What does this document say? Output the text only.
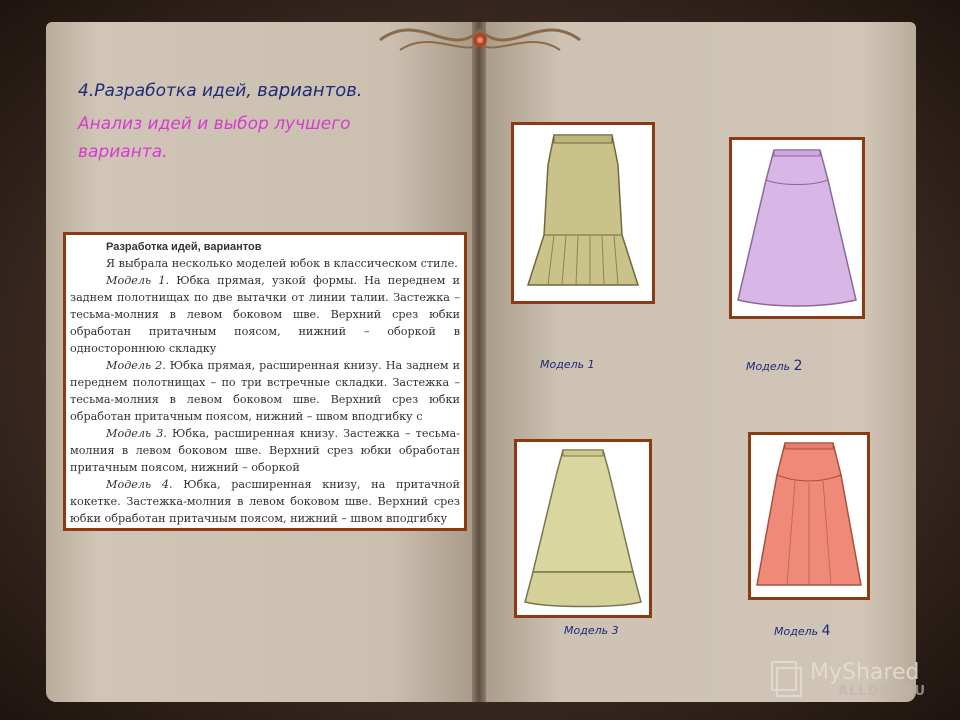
4.Разработка идей, вариантов.
Анализ идей и выбор лучшего варианта.
Разработка идей, вариантов

Я выбрала несколько моделей юбок в классическом стиле.

Модель 1. Юбка прямая, узкой формы. На переднем и заднем полотнищах по две вытачки от линии талии. Застежка – тесьма-молния в левом боковом шве. Верхний срез юбки обработан притачным поясом, нижний – оборкой в одностороннюю складку

Модель 2. Юбка прямая, расширенная книзу. На заднем и переднем полотнищах – по три встречные складки. Застежка – тесьма-молния в левом боковом шве. Верхний срез юбки обработан притачным поясом, нижний – швом вподгибку с

Модель 3. Юбка, расширенная книзу. Застежка – тесьма-молния в левом боковом шве. Верхний срез юбки обработан притачным поясом, нижний – оборкой

Модель 4. Юбка, расширенная книзу, на притачной кокетке. Застежка-молния в левом боковом шве. Верхний срез юбки обработан притачным поясом, нижний – швом вподгибку

Модель 1	Модель 2
Модель 3	Модель 4
MyShared
ALLDAY.RU
